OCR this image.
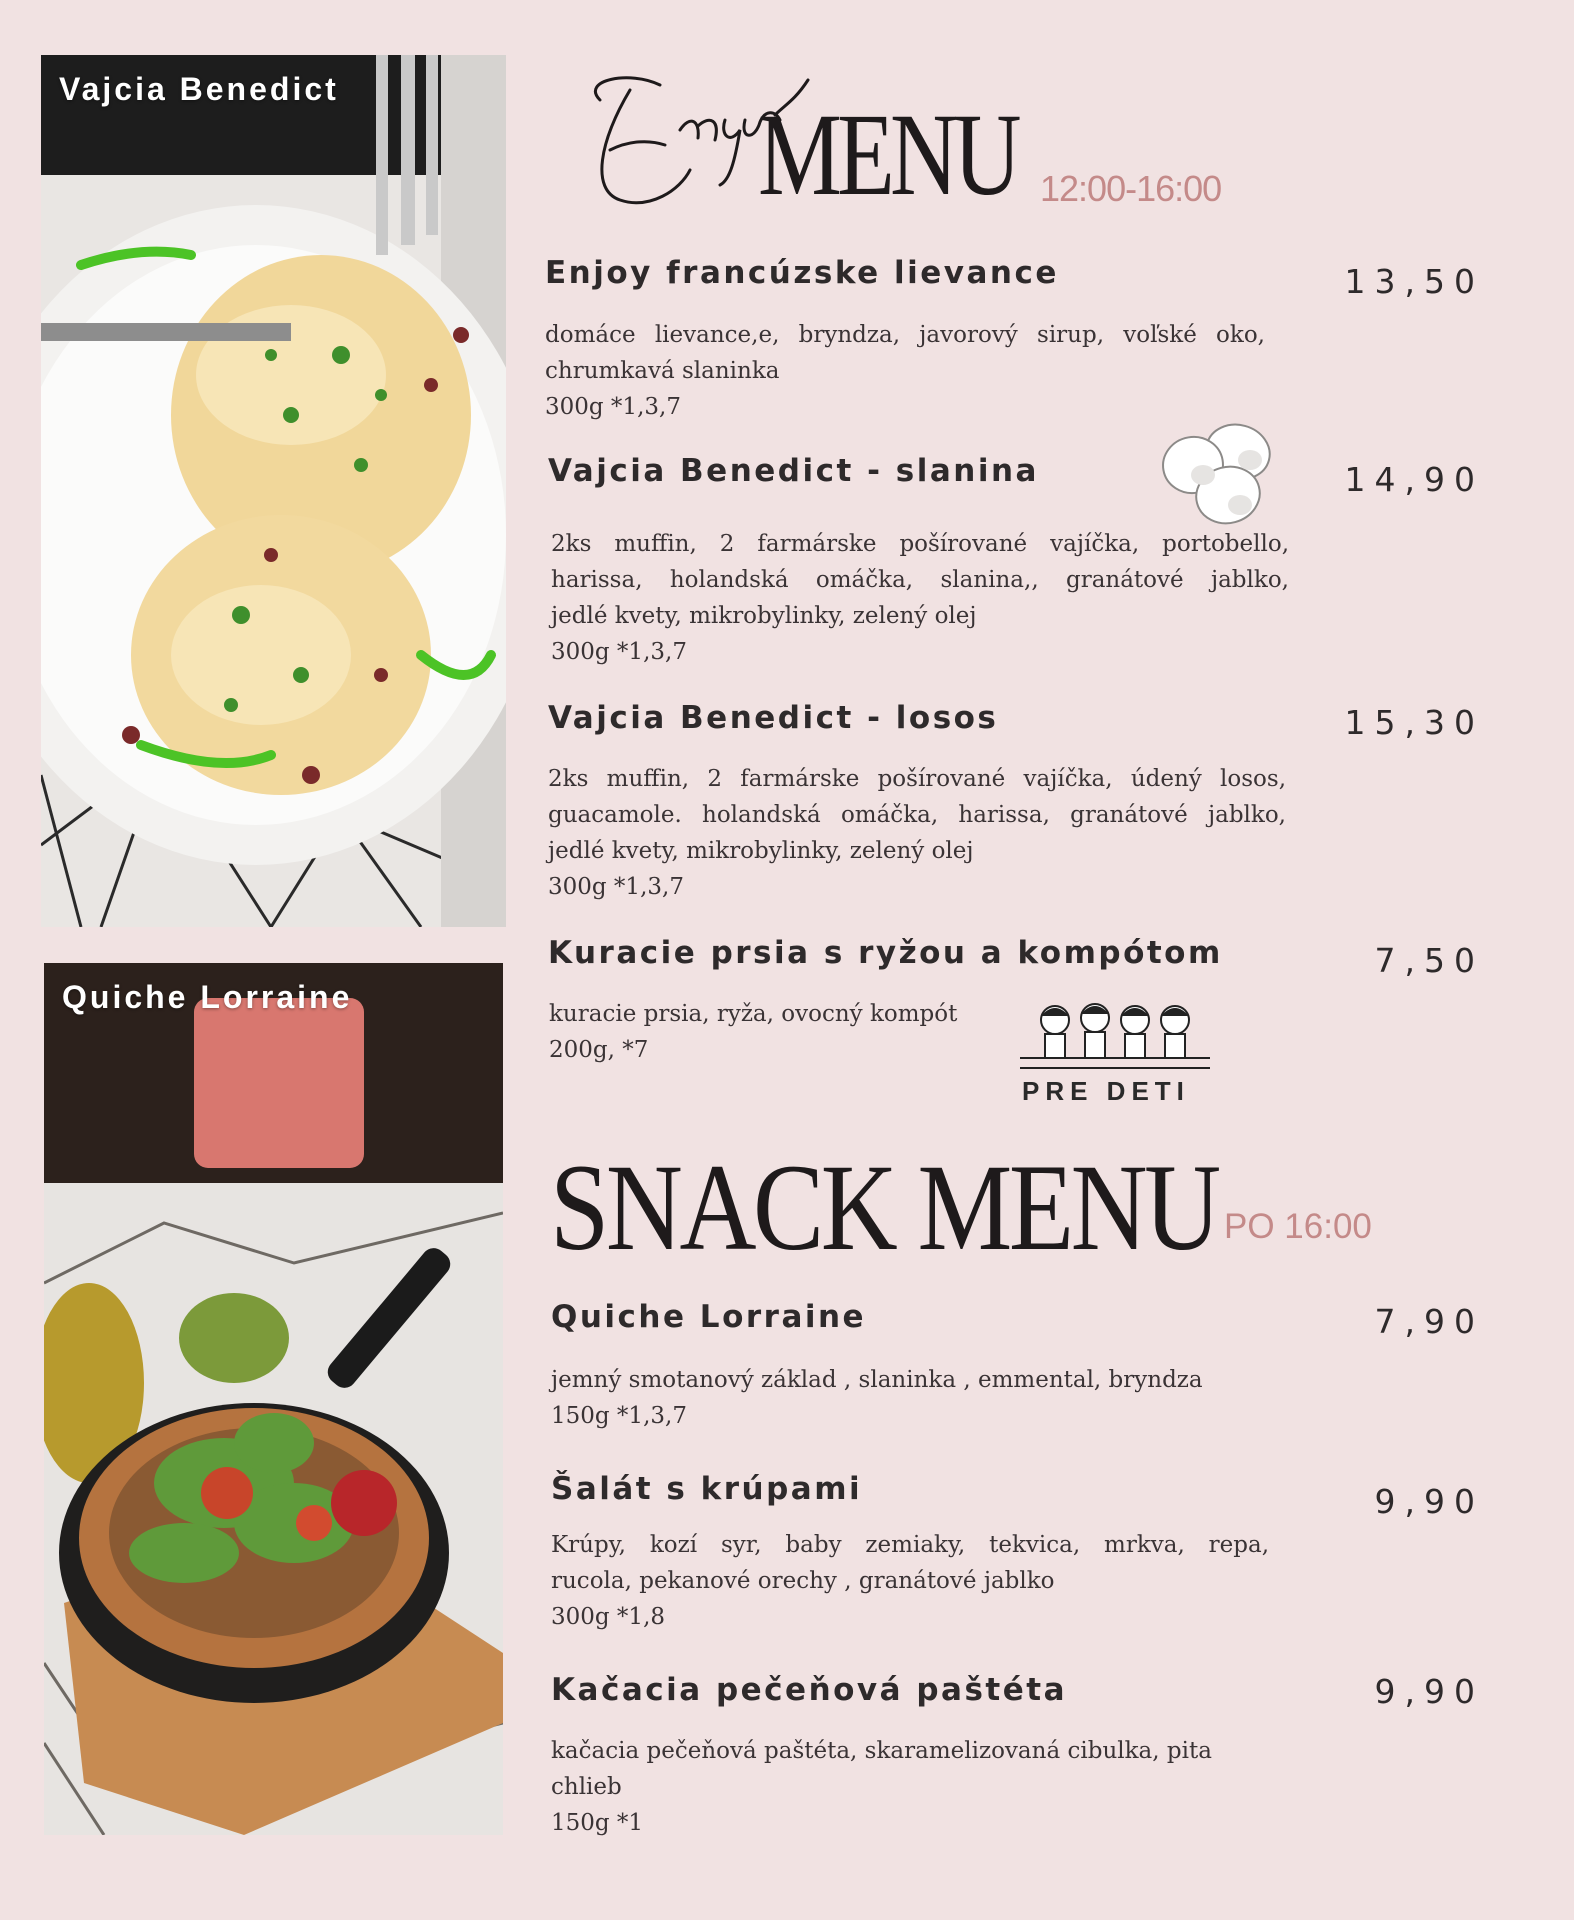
Vajcia Benedict
Quiche Lorraine
MENU 12:00-16:00
Enjoy francúzske lievance	13,50
domáce lievance,e, bryndza, javorový sirup, voľské oko,
chrumkavá slaninka
300g *1,3,7
Vajcia Benedict - slanina	14,90
2ks muffin, 2 farmárske pošírované vajíčka, portobello,
harissa, holandská omáčka, slanina,, granátové jablko,
jedlé kvety, mikrobylinky, zelený olej
300g *1,3,7
Vajcia Benedict - losos	15,30
2ks muffin, 2 farmárske pošírované vajíčka, údený losos,
guacamole. holandská omáčka, harissa, granátové jablko,
jedlé kvety, mikrobylinky, zelený olej
300g *1,3,7
Kuracie prsia s ryžou a kompótom	7,50
kuracie prsia, ryža, ovocný kompót
200g, *7
PRE DETI
SNACK MENU PO 16:00
Quiche Lorraine	7,90
jemný smotanový základ , slaninka , emmental, bryndza
150g *1,3,7
Šalát s krúpami	9,90
Krúpy, kozí syr, baby zemiaky, tekvica, mrkva, repa,
rucola, pekanové orechy , granátové jablko
300g *1,8
Kačacia pečeňová paštéta	9,90
kačacia pečeňová paštéta, skaramelizovaná cibulka, pita
chlieb
150g *1
